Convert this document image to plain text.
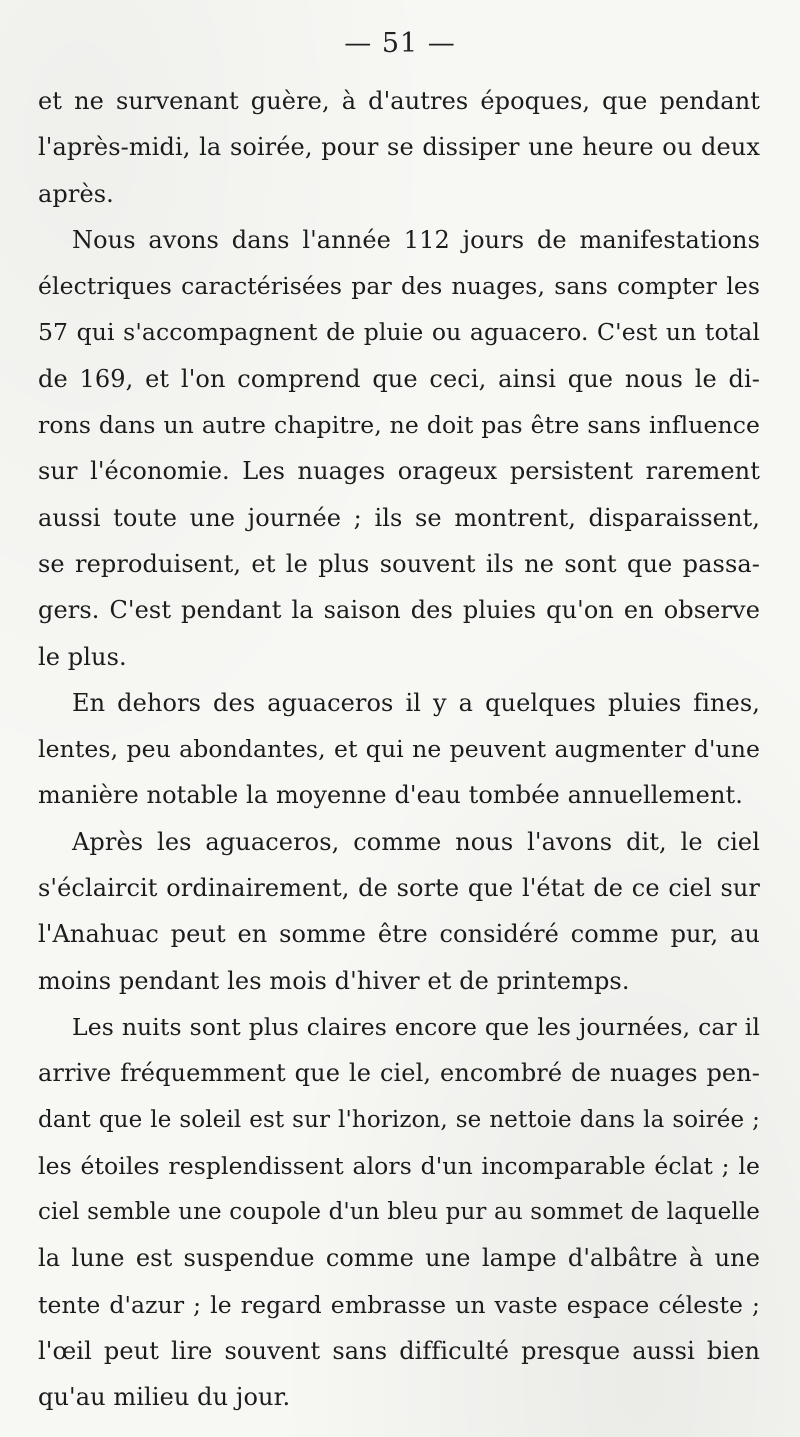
— 51 —
et ne survenant guère, à d'autres époques, que pendant
l'après-midi, la soirée, pour se dissiper une heure ou deux
après.
Nous avons dans l'année 112 jours de manifestations
électriques caractérisées par des nuages, sans compter les
57 qui s'accompagnent de pluie ou aguacero. C'est un total
de 169, et l'on comprend que ceci, ainsi que nous le di-
rons dans un autre chapitre, ne doit pas être sans influence
sur l'économie. Les nuages orageux persistent rarement
aussi toute une journée ; ils se montrent, disparaissent,
se reproduisent, et le plus souvent ils ne sont que passa-
gers. C'est pendant la saison des pluies qu'on en observe
le plus.
En dehors des aguaceros il y a quelques pluies fines,
lentes, peu abondantes, et qui ne peuvent augmenter d'une
manière notable la moyenne d'eau tombée annuellement.
Après les aguaceros, comme nous l'avons dit, le ciel
s'éclaircit ordinairement, de sorte que l'état de ce ciel sur
l'Anahuac peut en somme être considéré comme pur, au
moins pendant les mois d'hiver et de printemps.
Les nuits sont plus claires encore que les journées, car il
arrive fréquemment que le ciel, encombré de nuages pen-
dant que le soleil est sur l'horizon, se nettoie dans la soirée ;
les étoiles resplendissent alors d'un incomparable éclat ; le
ciel semble une coupole d'un bleu pur au sommet de laquelle
la lune est suspendue comme une lampe d'albâtre à une
tente d'azur ; le regard embrasse un vaste espace céleste ;
l'œil peut lire souvent sans difficulté presque aussi bien
qu'au milieu du jour.
